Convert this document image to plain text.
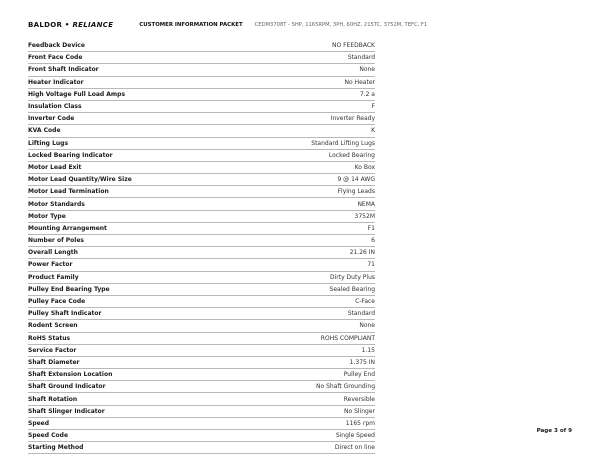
BALDOR • RELIANCE	CUSTOMER INFORMATION PACKET CEDM3708T - 5HP, 1165RPM, 3PH, 60HZ, 215TC, 3752M, TEFC, F1
Feedback Device	NO FEEDBACK
Front Face Code	Standard
Front Shaft Indicator	None
Heater Indicator	No Heater
High Voltage Full Load Amps	7.2 a
Insulation Class	F
Inverter Code	Inverter Ready
KVA Code	K
Lifting Lugs	Standard Lifting Lugs
Locked Bearing Indicator	Locked Bearing
Motor Lead Exit	Ko Box
Motor Lead Quantity/Wire Size	9 @ 14 AWG
Motor Lead Termination	Flying Leads
Motor Standards	NEMA
Motor Type	3752M
Mounting Arrangement	F1
Number of Poles	6
Overall Length	21.26 IN
Power Factor	71
Product Family	Dirty Duty Plus
Pulley End Bearing Type	Sealed Bearing
Pulley Face Code	C-Face
Pulley Shaft Indicator	Standard
Rodent Screen	None
RoHS Status	ROHS COMPLIANT
Service Factor	1.15
Shaft Diameter	1.375 IN
Shaft Extension Location	Pulley End
Shaft Ground Indicator	No Shaft Grounding
Shaft Rotation	Reversible
Shaft Slinger Indicator	No Slinger
Speed	1165 rpm
Speed Code	Single Speed
Starting Method	Direct on line
Page 3 of 9
